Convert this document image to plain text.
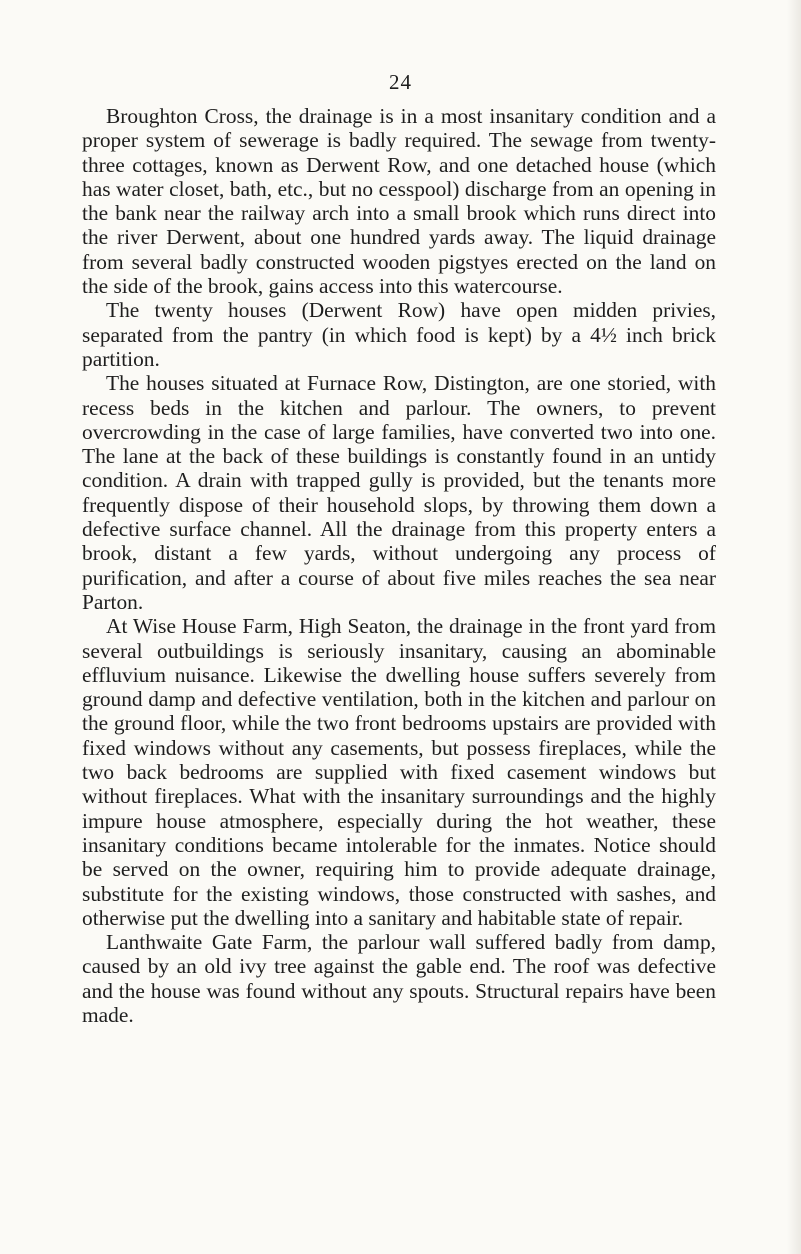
24

Broughton Cross, the drainage is in a most insanitary condition and a proper system of sewerage is badly required. The sewage from twenty-three cottages, known as Derwent Row, and one detached house (which has water closet, bath, etc., but no cesspool) discharge from an opening in the bank near the railway arch into a small brook which runs direct into the river Derwent, about one hundred yards away. The liquid drainage from several badly constructed wooden pigstyes erected on the land on the side of the brook, gains access into this watercourse.

The twenty houses (Derwent Row) have open midden privies, separated from the pantry (in which food is kept) by a 4½ inch brick partition.

The houses situated at Furnace Row, Distington, are one storied, with recess beds in the kitchen and parlour. The owners, to prevent overcrowding in the case of large families, have converted two into one. The lane at the back of these buildings is constantly found in an untidy condition. A drain with trapped gully is provided, but the tenants more frequently dispose of their household slops, by throwing them down a defective surface channel. All the drainage from this property enters a brook, distant a few yards, without undergoing any process of purification, and after a course of about five miles reaches the sea near Parton.

At Wise House Farm, High Seaton, the drainage in the front yard from several outbuildings is seriously insanitary, causing an abominable effluvium nuisance. Likewise the dwelling house suffers severely from ground damp and defective ventilation, both in the kitchen and parlour on the ground floor, while the two front bedrooms upstairs are provided with fixed windows without any casements, but possess fireplaces, while the two back bedrooms are supplied with fixed casement windows but without fireplaces. What with the insanitary surroundings and the highly impure house atmosphere, especially during the hot weather, these insanitary conditions became intolerable for the inmates. Notice should be served on the owner, requiring him to provide adequate drainage, substitute for the existing windows, those constructed with sashes, and otherwise put the dwelling into a sanitary and habitable state of repair.

Lanthwaite Gate Farm, the parlour wall suffered badly from damp, caused by an old ivy tree against the gable end. The roof was defective and the house was found without any spouts. Structural repairs have been made.
